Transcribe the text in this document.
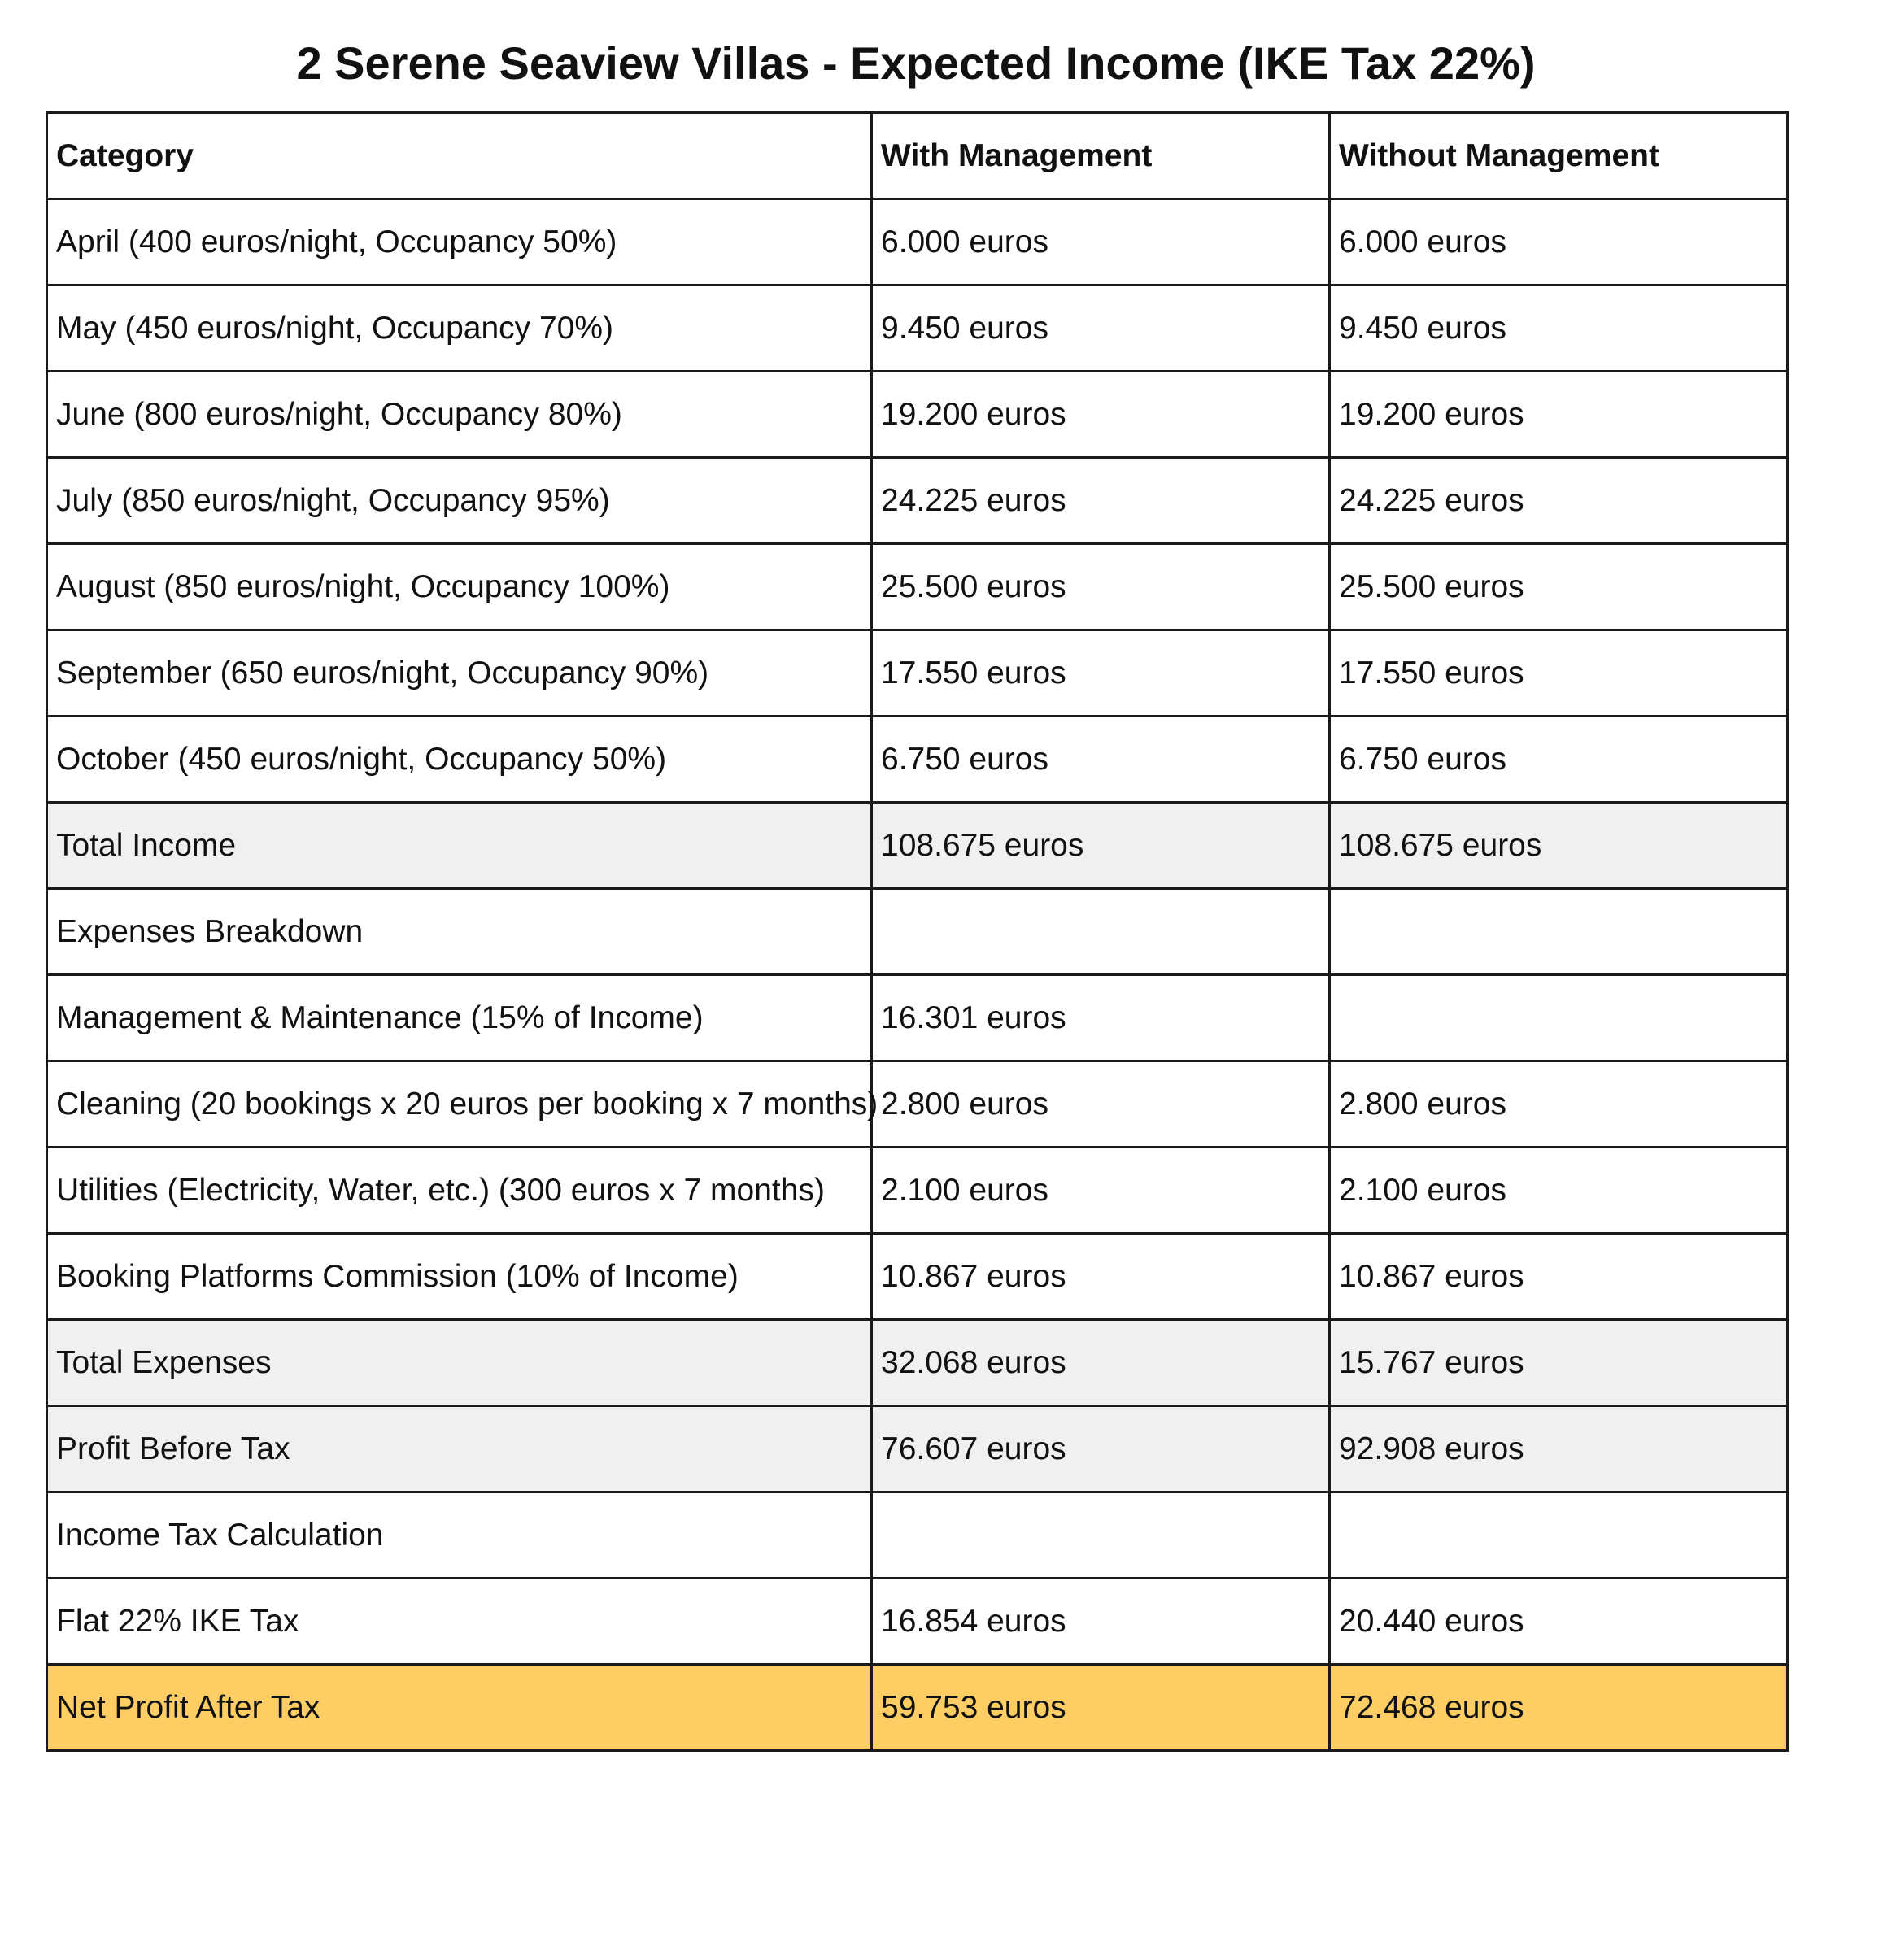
2 Serene Seaview Villas - Expected Income (IKE Tax 22%)
Category	With Management	Without Management
April (400 euros/night, Occupancy 50%)	6.000 euros	6.000 euros
May (450 euros/night, Occupancy 70%)	9.450 euros	9.450 euros
June (800 euros/night, Occupancy 80%)	19.200 euros	19.200 euros
July (850 euros/night, Occupancy 95%)	24.225 euros	24.225 euros
August (850 euros/night, Occupancy 100%)	25.500 euros	25.500 euros
September (650 euros/night, Occupancy 90%)	17.550 euros	17.550 euros
October (450 euros/night, Occupancy 50%)	6.750 euros	6.750 euros
Total Income	108.675 euros	108.675 euros
Expenses Breakdown		
Management & Maintenance (15% of Income)	16.301 euros	
Cleaning (20 bookings x 20 euros per booking x 7 months)	2.800 euros	2.800 euros
Utilities (Electricity, Water, etc.) (300 euros x 7 months)	2.100 euros	2.100 euros
Booking Platforms Commission (10% of Income)	10.867 euros	10.867 euros
Total Expenses	32.068 euros	15.767 euros
Profit Before Tax	76.607 euros	92.908 euros
Income Tax Calculation		
Flat 22% IKE Tax	16.854 euros	20.440 euros
Net Profit After Tax	59.753 euros	72.468 euros
